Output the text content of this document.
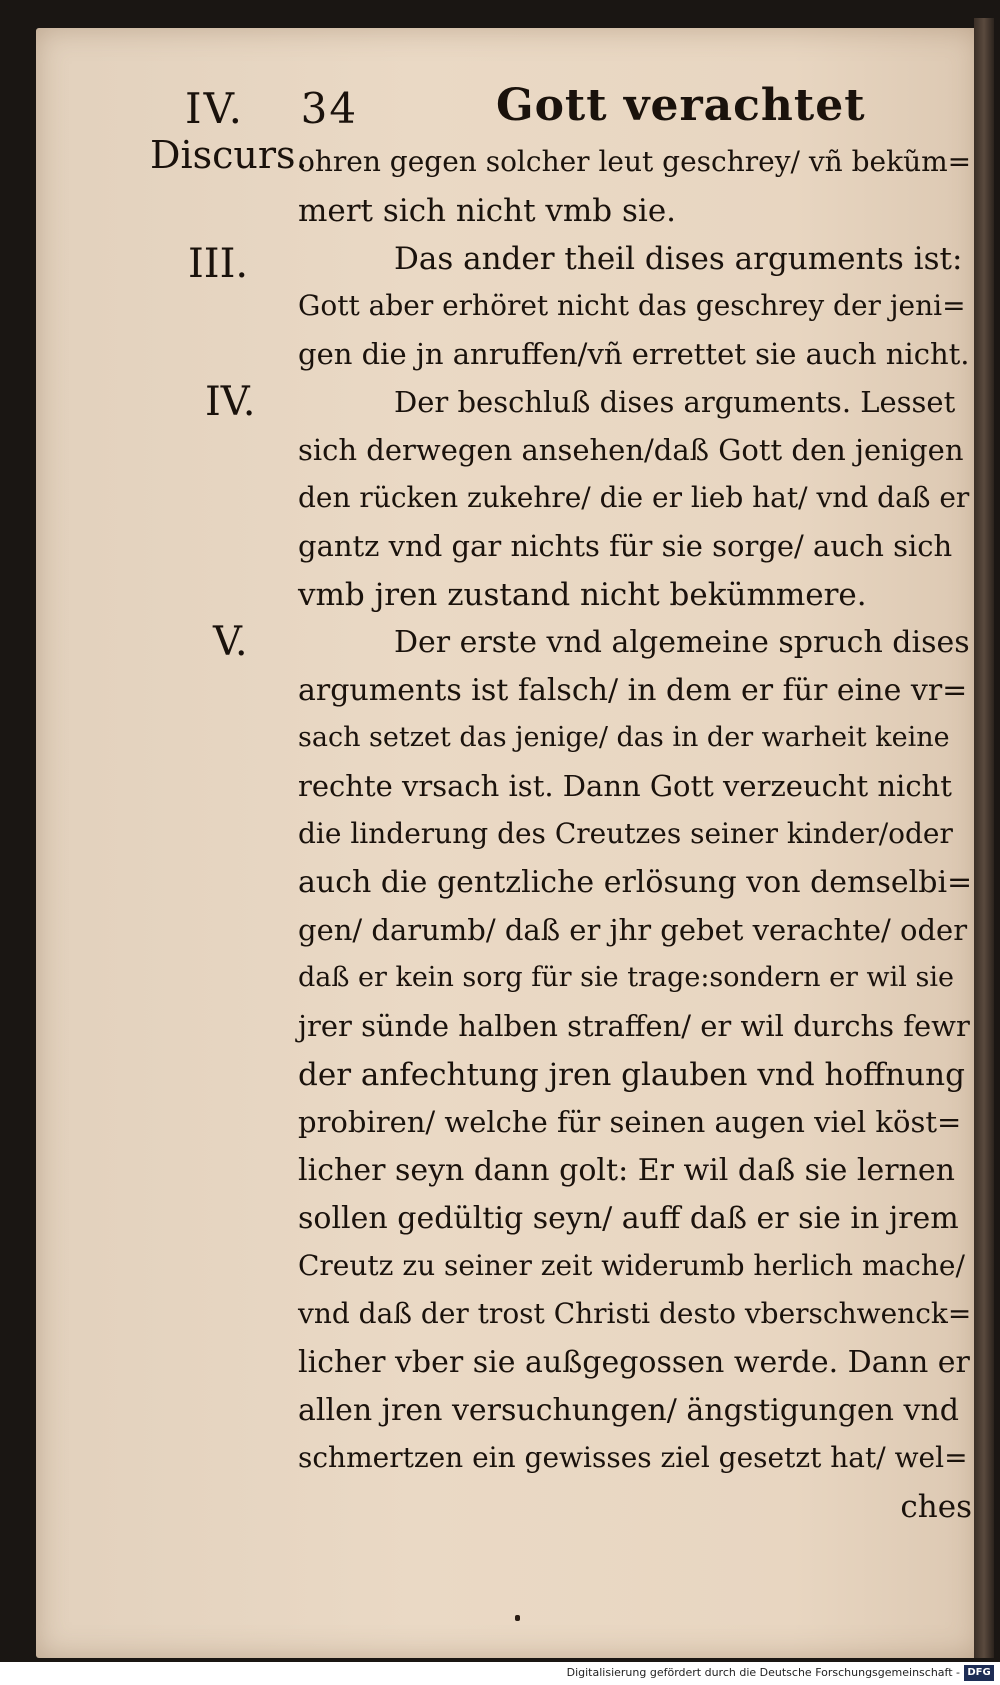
IV. 34	Gott verachtet
Discurs.
III.
IV.
V.
ohren gegen solcher leut geschrey/ vñ bekũm=
mert sich nicht vmb sie.
Das ander theil dises arguments ist:
Gott aber erhöret nicht das geschrey der jeni=
gen die jn anruffen/vñ errettet sie auch nicht.
Der beschluß dises arguments. Lesset
sich derwegen ansehen/daß Gott den jenigen
den rücken zukehre/ die er lieb hat/ vnd daß er
gantz vnd gar nichts für sie sorge/ auch sich
vmb jren zustand nicht bekümmere.
Der erste vnd algemeine spruch dises
arguments ist falsch/ in dem er für eine vr=
sach setzet das jenige/ das in der warheit keine
rechte vrsach ist. Dann Gott verzeucht nicht
die linderung des Creutzes seiner kinder/oder
auch die gentzliche erlösung von demselbi=
gen/ darumb/ daß er jhr gebet verachte/ oder
daß er kein sorg für sie trage:sondern er wil sie
jrer sünde halben straffen/ er wil durchs fewr
der anfechtung jren glauben vnd hoffnung
probiren/ welche für seinen augen viel köst=
licher seyn dann golt: Er wil daß sie lernen
sollen gedültig seyn/ auff daß er sie in jrem
Creutz zu seiner zeit widerumb herlich mache/
vnd daß der trost Christi desto vberschwenck=
licher vber sie außgegossen werde. Dann er
allen jren versuchungen/ ängstigungen vnd
schmertzen ein gewisses ziel gesetzt hat/ wel=
ches
Digitalisierung gefördert durch die Deutsche Forschungsgemeinschaft - DFG
